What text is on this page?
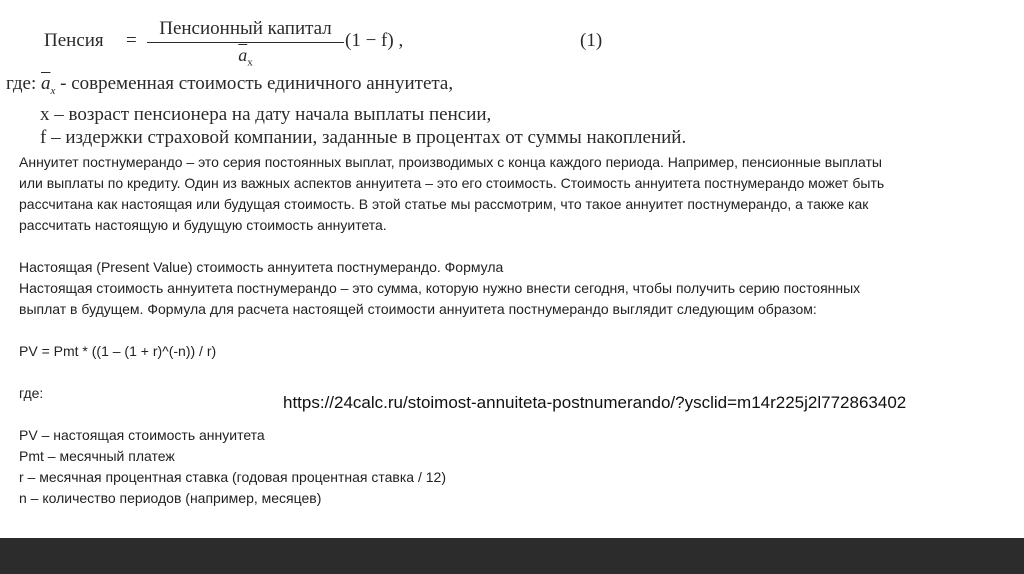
Пенсия =
Пенсионный капитал
$\overline{a}_x$
(1 − f) ,	(1)
где: $\overline{a}_x$ - современная стоимость единичного аннуитета,
x – возраст пенсионера на дату начала выплаты пенсии,
f – издержки страховой компании, заданные в процентах от суммы накоплений.

Аннуитет постнумерандо – это серия постоянных выплат, производимых с конца каждого периода. Например, пенсионные выплаты

или выплаты по кредиту. Один из важных аспектов аннуитета – это его стоимость. Стоимость аннуитета постнумерандо может быть

рассчитана как настоящая или будущая стоимость. В этой статье мы рассмотрим, что такое аннуитет постнумерандо, а также как

рассчитать настоящую и будущую стоимость аннуитета.

Настоящая (Present Value) стоимость аннуитета постнумерандо. Формула

Настоящая стоимость аннуитета постнумерандо – это сумма, которую нужно внести сегодня, чтобы получить серию постоянных

выплат в будущем. Формула для расчета настоящей стоимости аннуитета постнумерандо выглядит следующим образом:

PV = Pmt * ((1 – (1 + r)^(-n)) / r)

где:

PV – настоящая стоимость аннуитета

Pmt – месячный платеж

r – месячная процентная ставка (годовая процентная ставка / 12)

n – количество периодов (например, месяцев)

https://24calc.ru/stoimost-annuiteta-postnumerando/?ysclid=m14r225j2l772863402
